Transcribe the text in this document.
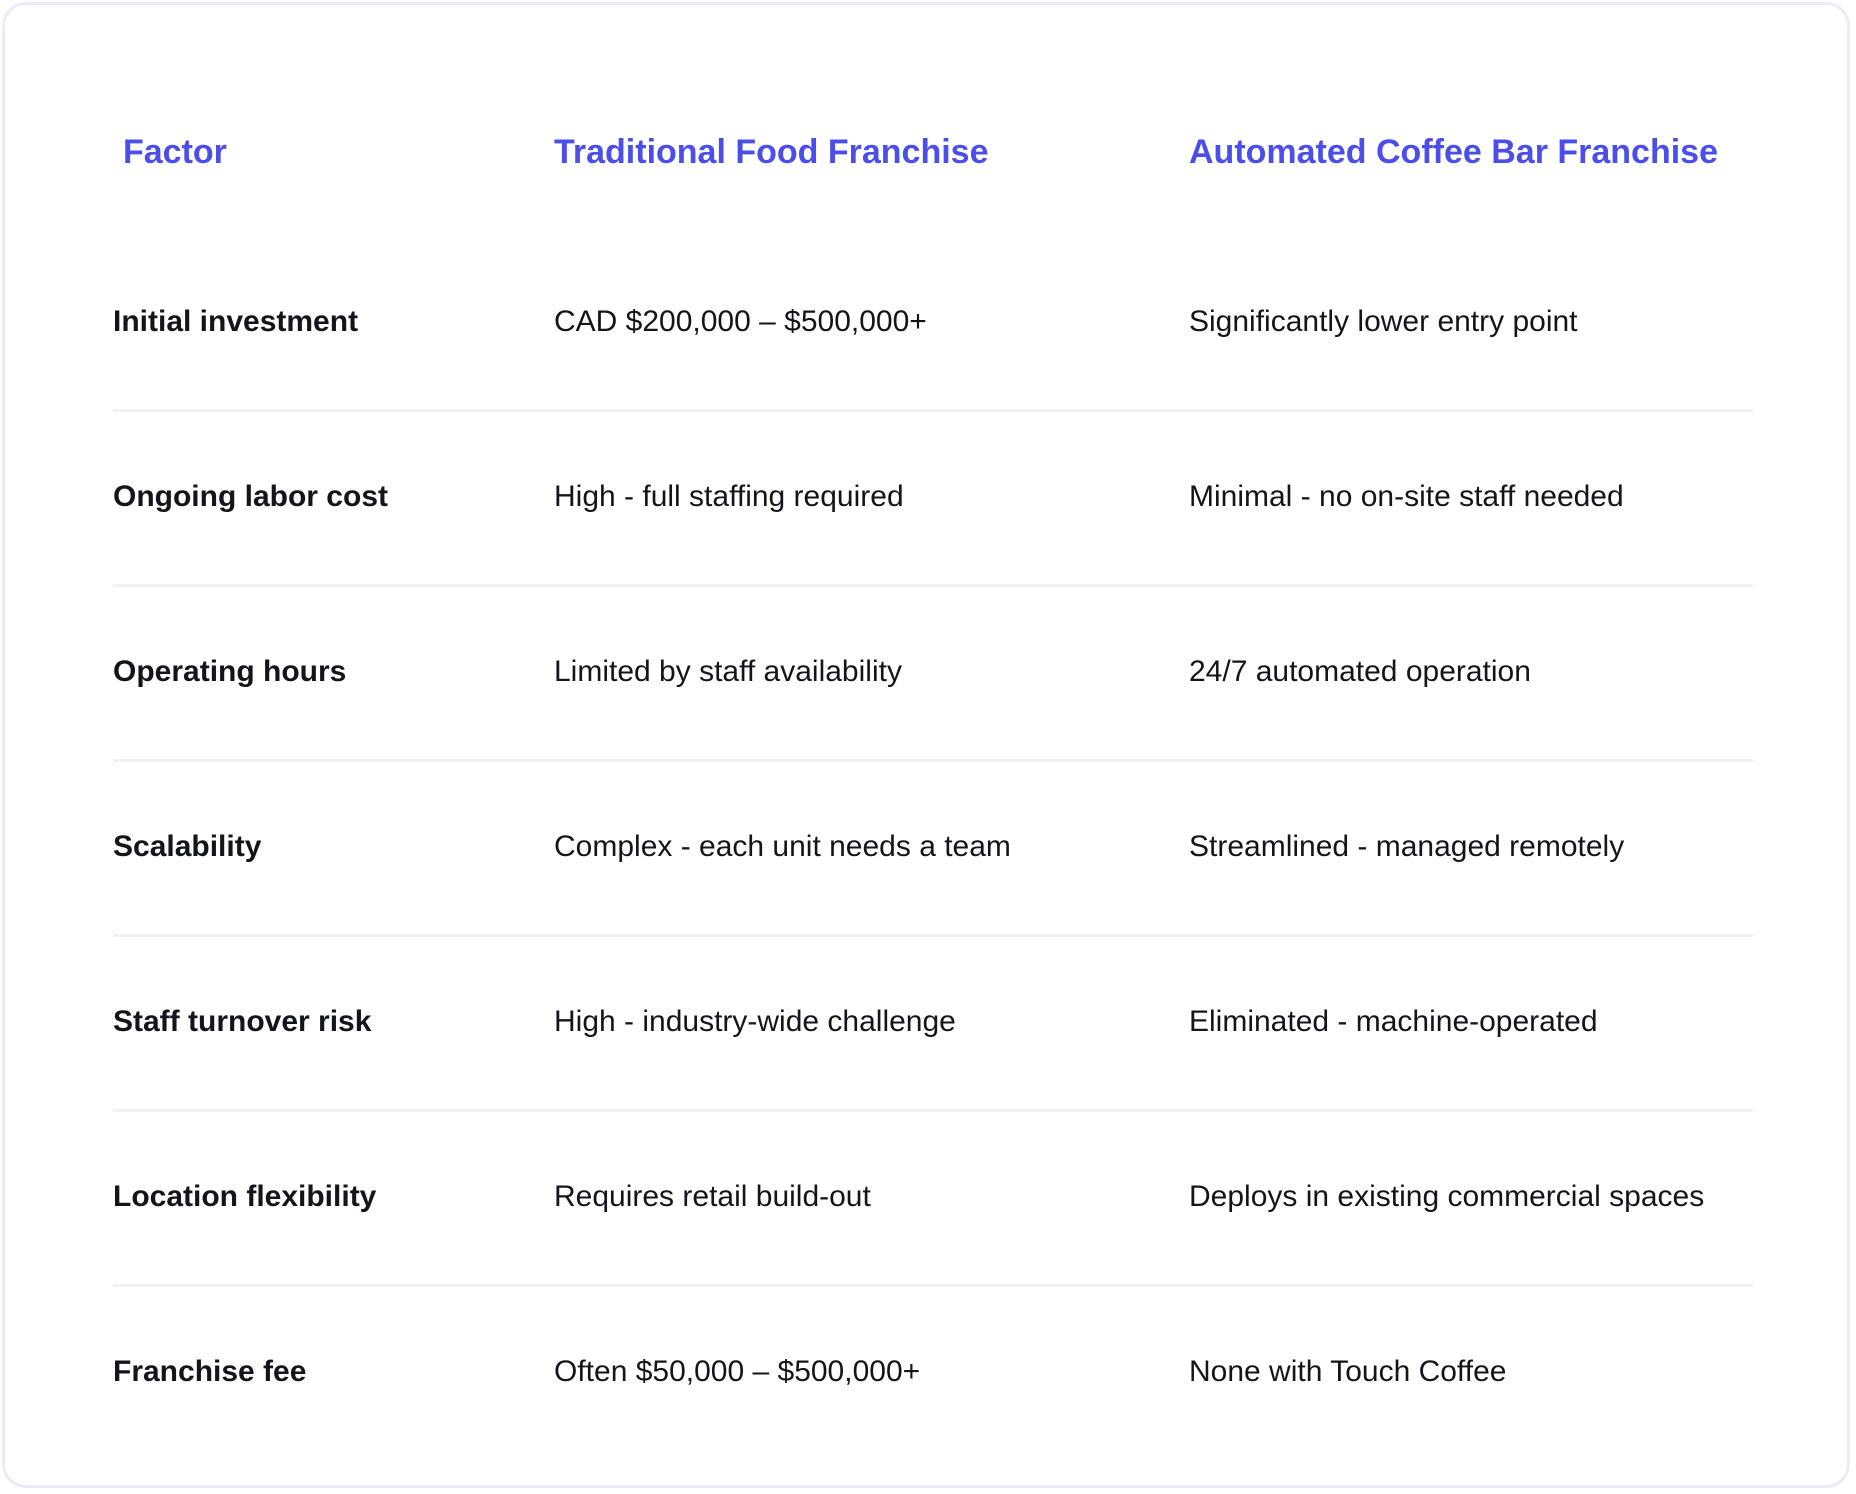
Factor	Traditional Food Franchise	Automated Coffee Bar Franchise
Initial investment	CAD $200,000 – $500,000+	Significantly lower entry point
Ongoing labor cost	High - full staffing required	Minimal - no on-site staff needed
Operating hours	Limited by staff availability	24/7 automated operation
Scalability	Complex - each unit needs a team	Streamlined - managed remotely
Staff turnover risk	High - industry-wide challenge	Eliminated - machine-operated
Location flexibility	Requires retail build-out	Deploys in existing commercial spaces
Franchise fee	Often $50,000 – $500,000+	None with Touch Coffee
